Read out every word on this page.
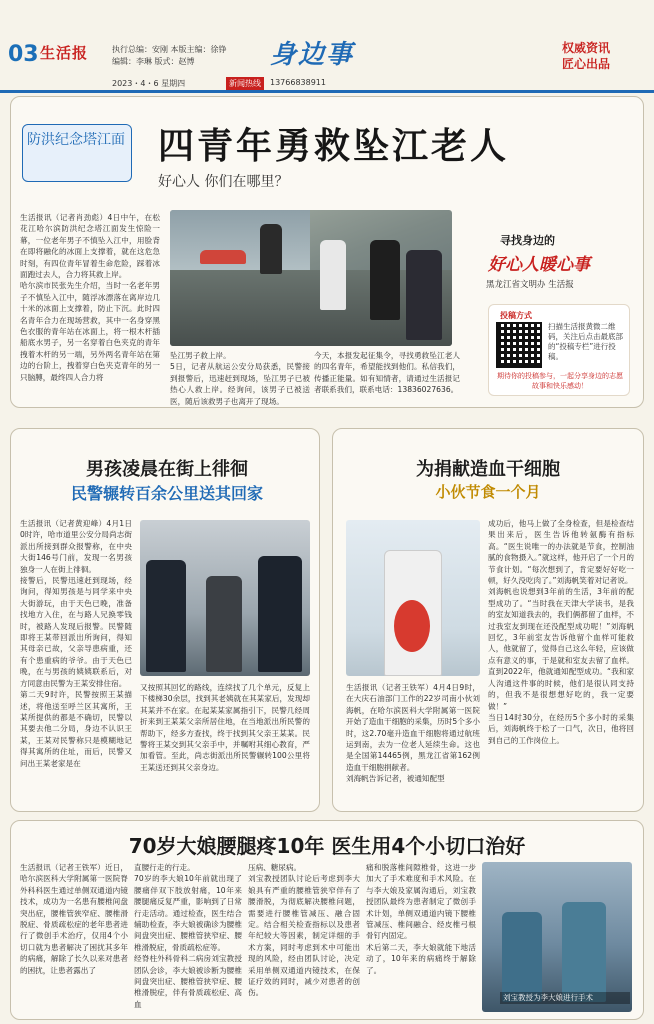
03 生活报	执行总编：安刚 本版主编：徐铮
编辑：李琳 版式：赵博	身边事	权威资讯
匠心出品
2023・4・6 星期四	新闻热线	13766838911
防洪纪念塔江面 四青年勇救坠江老人
好心人 你们在哪里？
生活报讯（记者肖劲彪）4日中午，在松花江哈尔滨防洪纪念塔江面发生惊险一幕，一位老年男子不慎坠入江中，用脸背在即将融化的冰面上支撑着，就在这危急时刻，有四位青年冒着生命危险，踩着冰面跑过去人，合力将其救上岸。
哈尔滨市民张先生介绍，当时一名老年男子不慎坠入江中，随浮冰漂落在离岸边几十米的冰面上支撑着，防止下沉。此时四名青年合力在现场营救，其中一名身穿黑色衣服的青年站在冰面上，将一根木杆插船底水男子，另一名穿着白色夹克的青年拽着木杆的另一端，另外两名青年站在第边的台阶上，拽着穿白色夹克青年的另一只脑膊，最终四人合力将
坠江男子救上岸。
5日，记者从航运公安分局获悉，民警接到报警后，迅速赶到现场，坠江男子已被热心人救上岸。经询问，该男子已被送医，随后该救男子也离开了现场。
今天，本报发起征集令，寻找勇救坠江老人的四名青年，希望能找到他们。私信我们，传播正能量。如有知情者，请通过生活报记者联系我们，联系电话：13836027636。
寻找身边的
好心人暖心事
黑龙江省文明办 生活报
投稿方式
扫描生活报黄微二维码，关注后点击最底部的“投稿专栏”进行投稿。
期待你的投稿参与，一起分享身边的志愿故事和快乐感动！
男孩凌晨在街上徘徊
民警辗转百余公里送其回家
生活报讯（记者黄迎峰）4月1日0时许，哈市道里公安分局尚志街派出所接到群众报警称，在中央大街146号门前，发现一名男孩独身一人在街上徘徊。
接警后，民警迅速赶到现场，经询问，得知男孩是与同学来中央大街游玩，由于天色已晚，准备找地方入住，在与路人兄换零钱时，被路人发现后报警。民警随即将王某带回派出所询问，得知其母亲已故，父亲导患病重，还有个患重病的爷爷。由于天色已晚，在与男孩的姨姨联系后，对方同意由民警为王某安排住宿。
第二天9时许，民警按照王某描述，将他送至呼兰区其寓所，王某所提供的都是不确切，民警以其要去他二分局，身边不认识王某，王某对民警称只是模糊地记得其寓所的住址，而后，民警又问出王某老家是在
又按照其回忆的路线，连续找了几个单元，反复上下楼梯30余层，找到其老姨就在其某家后，发现却其某并不在家。在起某某家属指引下，民警几经周折来到王某某父亲所居住地，在当地派出所民警的帮助下，经多方查找，终于找到其父亲王某某。民警将王某交到其父亲手中，并嘱咐其细心教育，严加看管。至此，尚志街派出所民警辗转100公里将王某送还到其父亲身边。
为捐献造血干细胞
小伙节食一个月
生活报讯（记者王铁军）4月4日9时，在大庆石油部门工作的22岁司南小伙刘海帆，在哈尔滨医科大学附属第一医院开始了造血干细胞的采集，历时5个多小时，这2.70毫升造血干细胞将通过航班运到南，去为一位老人延续生命。这也是全国第14465例，黑龙江省第162例造血干细胞捐献者。
刘海帆告诉记者，被通知配型
成功后，他马上做了全身检查，但是检查结果出来后，医生告诉他转氨酶有指标高。“医生说唯一的办法就是节食，控制油腻的食物摄入。”就这样，他开启了一个月的节食计划。“每次想到了，肯定要好好吃一顿，好久没吃肉了。”刘海帆笑着对记者说。
刘海帆也说想到3年前的生活，3年前的配型成功了。“当时我在天津大学读书，是我的室友知道我去的，我们俩都留了血样，不过我室友到现在还没配型成功呢！”刘海帆回忆，3年前室友告诉他留个血样可能救人，他就留了，觉得自己这么年轻，应该做点有意义的事，于是就和室友去留了血样。直到2022年，他就通知配型成功。“我和家人沟通这件事的时候，他们是很认同支持的，但我不是很想想好吃的，我一定要做！”
当日14时30分，在经历5个多小时的采集后，刘海帆终于松了一口气，次日，他将回到自己的工作岗位上。
70岁大娘腰腿疼10年 医生用4个小切口治好
生活报讯（记者王铁军）近日，哈尔滨医科大学附属第一医院脊外科科医生通过单侧双通道内镜技术，成功为一名患有腰椎间盘突出症，腰椎管狭窄症、腰椎滑脱症、骨质疏松症的老年患者进行了微创手术治疗，仅用4个小切口就为患者解决了困扰其多年的病痛，解除了长久以来对患者的困扰，让患者露出了
直腰行走的行走。
70岁的李大娘10年前就出现了腰痛伴双下肢放射痛，10年来腰腿痛反复严重，影响到了日常行走活动。通过检查，医生结合辅助检查，李大娘被确诊为腰椎间盘突出症、腰椎管狭窄症、腰椎滑脱症，骨质疏松症等。
经脊柱外科骨科二病房刘宝教授团队会诊，李大娘被诊断为腰椎间盘突出症、腰椎管狭窄症、腰椎滑脱症，伴有骨质疏松症、高血
压病、糖尿病。
刘宝教授团队讨论后考虑到李大娘具有严重的腰椎管狭窄伴有了腰滑脱，为彻底解决腰椎问题，需要进行腰椎管减压、融合固定。结合相关检查指标以及患者年纪较大等因素，制定详细的手术方案，同时考虑到术中可能出现的风险，经由团队讨论，决定采用单侧双通道内镜技术，在保证疗效的同时，减少对患者的创伤。
痛和脱落椎间隙椎骨，这进一步加大了手术难度和手术风险。在与李大娘及家属沟通后，刘宝教授团队最终为患者制定了微创手术计划，单侧双通道内镜下腰椎管减压、椎间融合、经皮椎弓根骨钉内固定。
术后第二天，李大娘就能下地活动了，10年来的病痛终于解除了。
刘宝教授为李大娘进行手术
